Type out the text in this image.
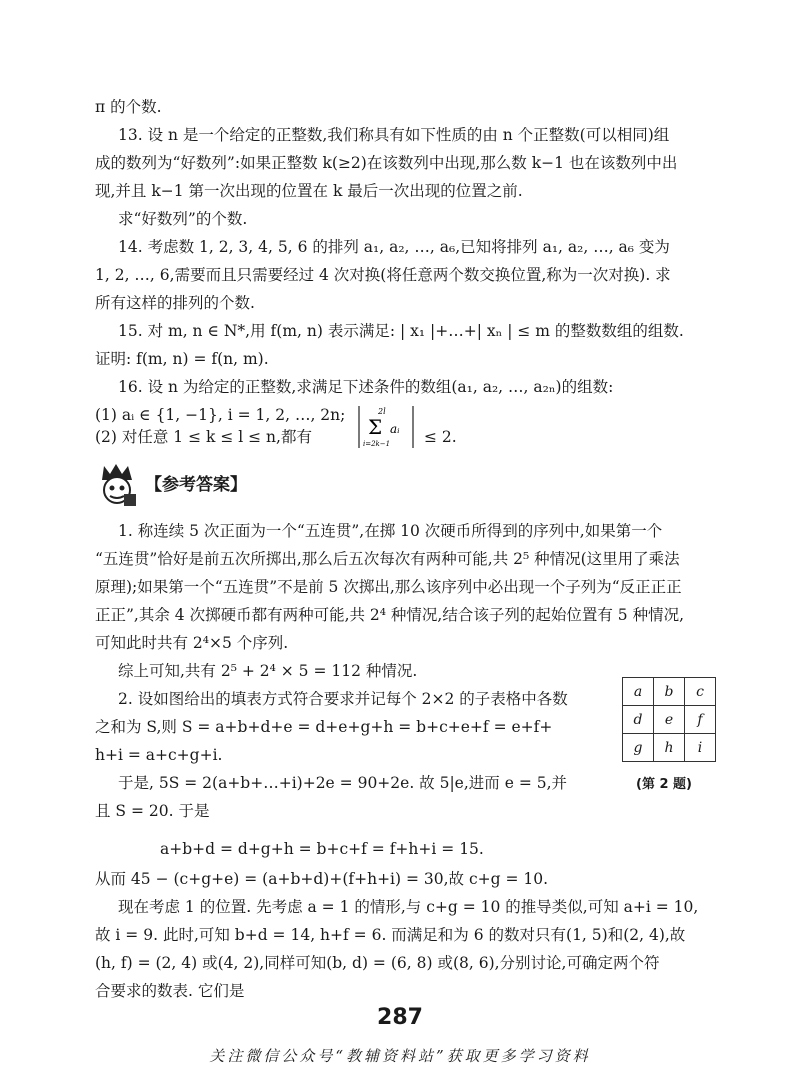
π 的个数.

13. 设 n 是一个给定的正整数,我们称具有如下性质的由 n 个正整数(可以相同)组

成的数列为“好数列”:如果正整数 k(≥2)在该数列中出现,那么数 k−1 也在该数列中出

现,并且 k−1 第一次出现的位置在 k 最后一次出现的位置之前.

求“好数列”的个数.

14. 考虑数 1, 2, 3, 4, 5, 6 的排列 a₁, a₂, …, a₆,已知将排列 a₁, a₂, …, a₆ 变为

1, 2, …, 6,需要而且只需要经过 4 次对换(将任意两个数交换位置,称为一次对换). 求

所有这样的排列的个数.

15. 对 m, n ∈ N*,用 f(m, n) 表示满足: | x₁ |+…+| xₙ | ≤ m 的整数数组的组数.

证明: f(m, n) = f(n, m).

16. 设 n 为给定的正整数,求满足下述条件的数组(a₁, a₂, …, a₂ₙ)的组数:

(1) aᵢ ∈ {1, −1}, i = 1, 2, …, 2n;

(2) 对任意 1 ≤ k ≤ l ≤ n,都有

2l
Σ aᵢ
i=2k−1 ≤ 2.

【参考答案】

1. 称连续 5 次正面为一个“五连贯”,在掷 10 次硬币所得到的序列中,如果第一个

“五连贯”恰好是前五次所掷出,那么后五次每次有两种可能,共 2⁵ 种情况(这里用了乘法

原理);如果第一个“五连贯”不是前 5 次掷出,那么该序列中必出现一个子列为“反正正正

正正”,其余 4 次掷硬币都有两种可能,共 2⁴ 种情况,结合该子列的起始位置有 5 种情况,

可知此时共有 2⁴×5 个序列.

综上可知,共有 2⁵ + 2⁴ × 5 = 112 种情况.

2. 设如图给出的填表方式符合要求并记每个 2×2 的子表格中各数

之和为 S,则 S = a+b+d+e = d+e+g+h = b+c+e+f = e+f+

h+i = a+c+g+i.

于是, 5S = 2(a+b+…+i)+2e = 90+2e. 故 5|e,进而 e = 5,并

且 S = 20. 于是

a+b+d = d+g+h = b+c+f = f+h+i = 15.

从而 45 − (c+g+e) = (a+b+d)+(f+h+i) = 30,故 c+g = 10.

现在考虑 1 的位置. 先考虑 a = 1 的情形,与 c+g = 10 的推导类似,可知 a+i = 10,

故 i = 9. 此时,可知 b+d = 14, h+f = 6. 而满足和为 6 的数对只有(1, 5)和(2, 4),故

(h, f) = (2, 4) 或(4, 2),同样可知(b, d) = (6, 8) 或(8, 6),分别讨论,可确定两个符

合要求的数表. 它们是

a	b	c
d	e	f
g	h	i
(第 2 题)
287
关注微信公众号“教辅资料站”获取更多学习资料
